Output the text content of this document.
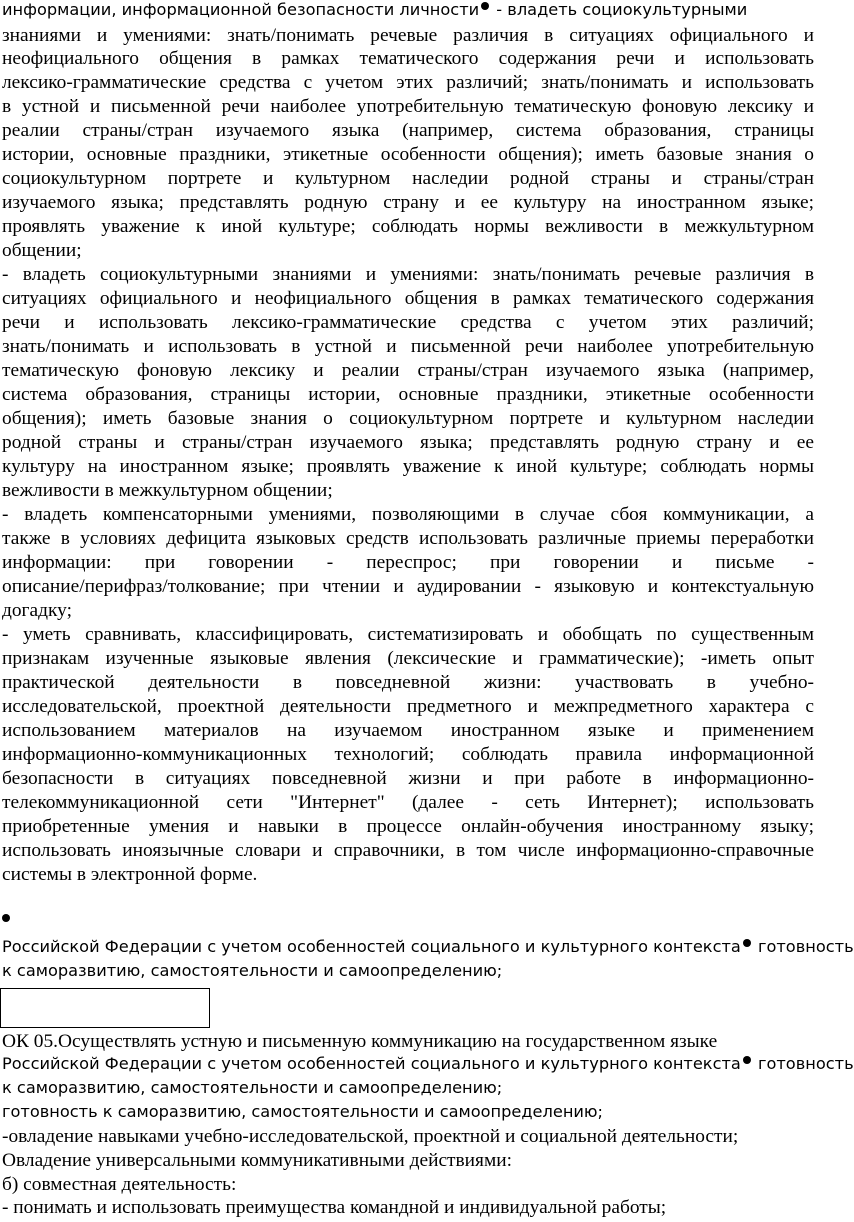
информации, информационной безопасности личности - владеть социокультурными

знаниями и умениями: знать/понимать речевые различия в ситуациях официального и

неофициального общения в рамках тематического содержания речи и использовать

лексико-грамматические средства с учетом этих различий; знать/понимать и использовать

в устной и письменной речи наиболее употребительную тематическую фоновую лексику и

реалии страны/стран изучаемого языка (например, система образования, страницы

истории, основные праздники, этикетные особенности общения); иметь базовые знания о

социокультурном портрете и культурном наследии родной страны и страны/стран

изучаемого языка; представлять родную страну и ее культуру на иностранном языке;

проявлять уважение к иной культуре; соблюдать нормы вежливости в межкультурном

общении;

- владеть социокультурными знаниями и умениями: знать/понимать речевые различия в

ситуациях официального и неофициального общения в рамках тематического содержания

речи и использовать лексико-грамматические средства с учетом этих различий;

знать/понимать и использовать в устной и письменной речи наиболее употребительную

тематическую фоновую лексику и реалии страны/стран изучаемого языка (например,

система образования, страницы истории, основные праздники, этикетные особенности

общения); иметь базовые знания о социокультурном портрете и культурном наследии

родной страны и страны/стран изучаемого языка; представлять родную страну и ее

культуру на иностранном языке; проявлять уважение к иной культуре; соблюдать нормы

вежливости в межкультурном общении;

- владеть компенсаторными умениями, позволяющими в случае сбоя коммуникации, а

также в условиях дефицита языковых средств использовать различные приемы переработки

информации: при говорении - переспрос; при говорении и письме -

описание/перифраз/толкование; при чтении и аудировании - языковую и контекстуальную

догадку;

- уметь сравнивать, классифицировать, систематизировать и обобщать по существенным

признакам изученные языковые явления (лексические и грамматические); -иметь опыт

практической деятельности в повседневной жизни: участвовать в учебно-

исследовательской, проектной деятельности предметного и межпредметного характера с

использованием материалов на изучаемом иностранном языке и применением

информационно-коммуникационных технологий; соблюдать правила информационной

безопасности в ситуациях повседневной жизни и при работе в информационно-

телекоммуникационной сети "Интернет" (далее - сеть Интернет); использовать

приобретенные умения и навыки в процессе онлайн-обучения иностранному языку;

использовать иноязычные словари и справочники, в том числе информационно-справочные

системы в электронной форме.

Российской Федерации с учетом особенностей социального и культурного контекста готовность

к саморазвитию, самостоятельности и самоопределению;

ОК 05.Осуществлять устную и письменную коммуникацию на государственном языке

Российской Федерации с учетом особенностей социального и культурного контекста готовность

к саморазвитию, самостоятельности и самоопределению;

готовность к саморазвитию, самостоятельности и самоопределению;

-овладение навыками учебно-исследовательской, проектной и социальной деятельности;

Овладение универсальными коммуникативными действиями:

б) совместная деятельность:

- понимать и использовать преимущества командной и индивидуальной работы;
